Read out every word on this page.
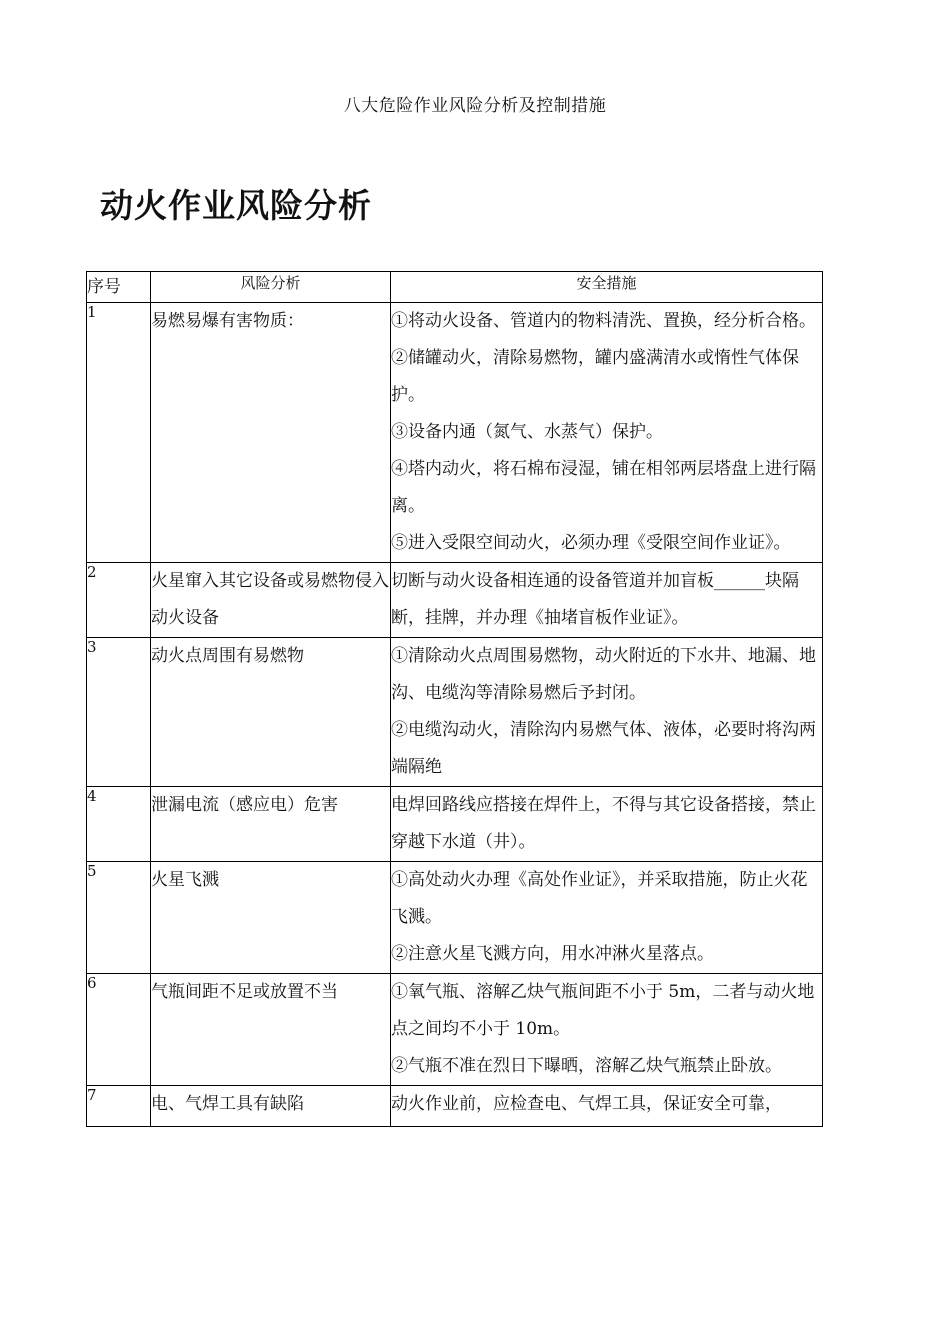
八大危险作业风险分析及控制措施
动火作业风险分析
序号	风险分析	安全措施
1	易燃易爆有害物质：	①将动火设备、管道内的物料清洗、置换，经分析合格。

②储罐动火，清除易燃物，罐内盛满清水或惰性气体保护。

③设备内通（氮气、水蒸气）保护。

④塔内动火，将石棉布浸湿，铺在相邻两层塔盘上进行隔离。

⑤进入受限空间动火，必须办理《受限空间作业证》。

2	火星窜入其它设备或易燃物侵入动火设备	切断与动火设备相连通的设备管道并加盲板______块隔断，挂牌，并办理《抽堵盲板作业证》。

3	动火点周围有易燃物	①清除动火点周围易燃物，动火附近的下水井、地漏、地沟、电缆沟等清除易燃后予封闭。

②电缆沟动火，清除沟内易燃气体、液体，必要时将沟两端隔绝

4	泄漏电流（感应电）危害	电焊回路线应搭接在焊件上，不得与其它设备搭接，禁止穿越下水道（井）。

5	火星飞溅	①高处动火办理《高处作业证》，并采取措施，防止火花飞溅。

②注意火星飞溅方向，用水冲淋火星落点。

6	气瓶间距不足或放置不当	①氧气瓶、溶解乙炔气瓶间距不小于 5m，二者与动火地点之间均不小于 10m。

②气瓶不准在烈日下曝晒，溶解乙炔气瓶禁止卧放。

7	电、气焊工具有缺陷	动火作业前，应检查电、气焊工具，保证安全可靠，
